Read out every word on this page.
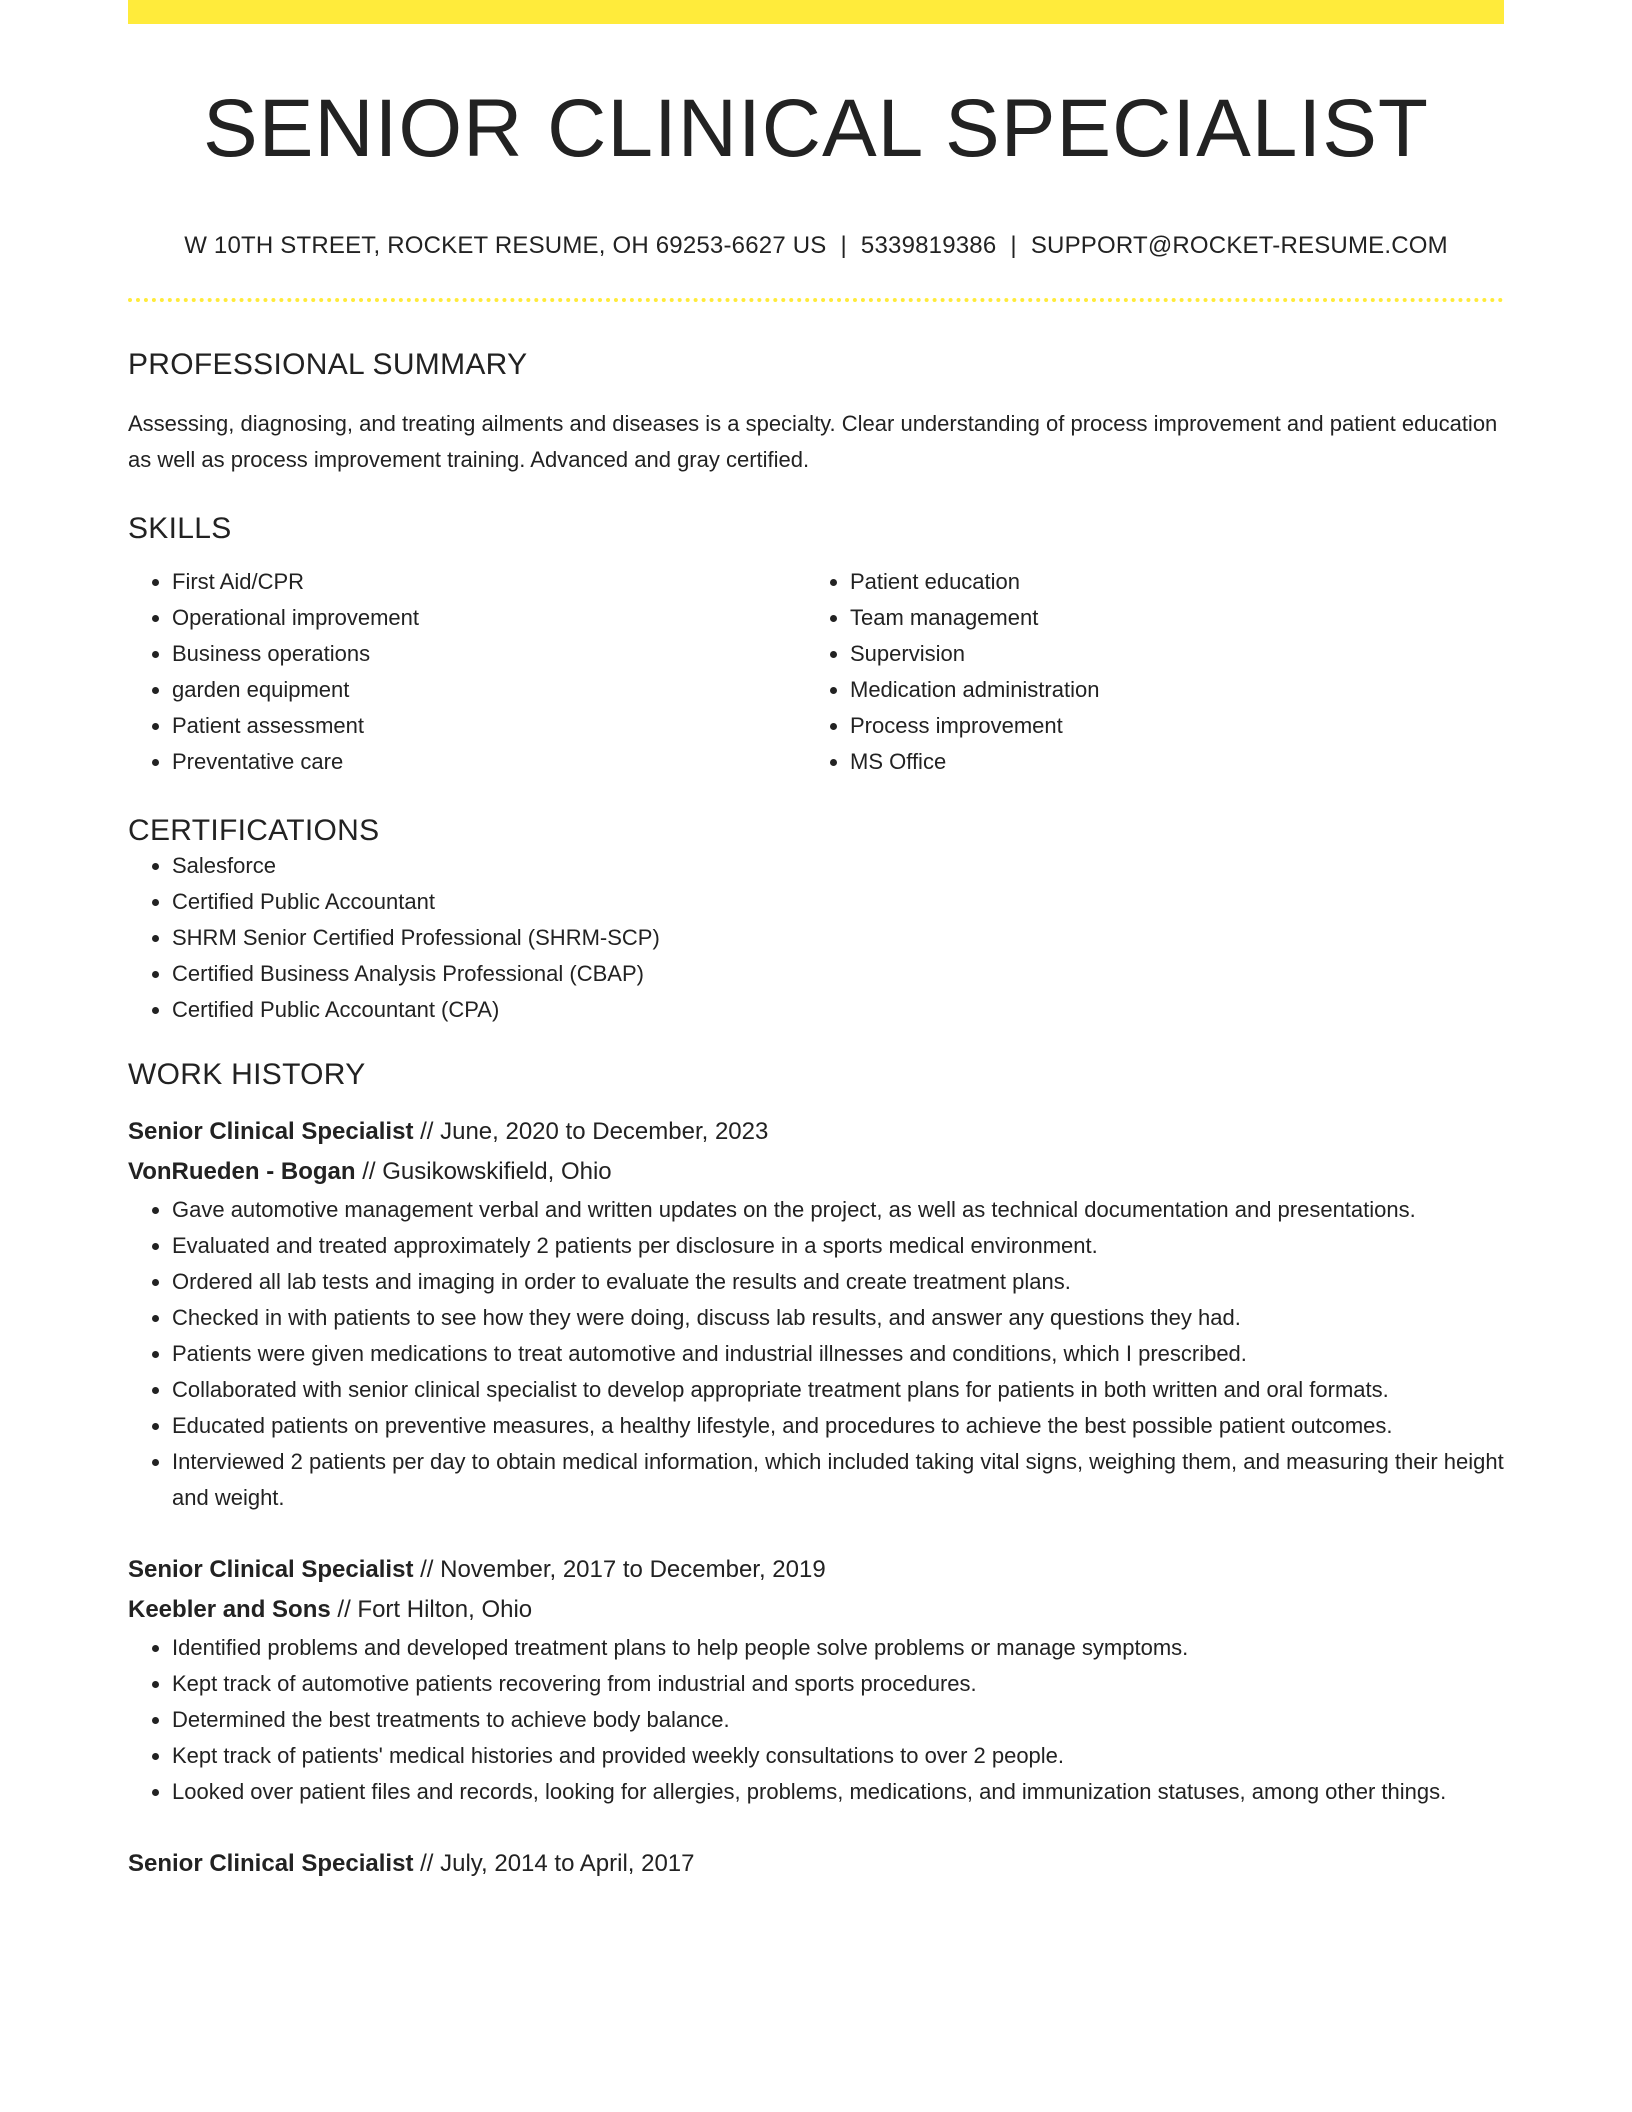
SENIOR CLINICAL SPECIALIST
W 10TH STREET, ROCKET RESUME, OH 69253-6627 US | 5339819386 | SUPPORT@ROCKET-RESUME.COM
PROFESSIONAL SUMMARY

Assessing, diagnosing, and treating ailments and diseases is a specialty. Clear understanding of process improvement and patient education as well as process improvement training. Advanced and gray certified.

SKILLS
• First Aid/CPR
• Operational improvement
• Business operations
• garden equipment
• Patient assessment
• Preventative care
• Patient education
• Team management
• Supervision
• Medication administration
• Process improvement
• MS Office
CERTIFICATIONS
• Salesforce
• Certified Public Accountant
• SHRM Senior Certified Professional (SHRM-SCP)
• Certified Business Analysis Professional (CBAP)
• Certified Public Accountant (CPA)
WORK HISTORY
Senior Clinical Specialist // June, 2020 to December, 2023
VonRueden - Bogan // Gusikowskifield, Ohio
• Gave automotive management verbal and written updates on the project, as well as technical documentation and presentations.
• Evaluated and treated approximately 2 patients per disclosure in a sports medical environment.
• Ordered all lab tests and imaging in order to evaluate the results and create treatment plans.
• Checked in with patients to see how they were doing, discuss lab results, and answer any questions they had.
• Patients were given medications to treat automotive and industrial illnesses and conditions, which I prescribed.
• Collaborated with senior clinical specialist to develop appropriate treatment plans for patients in both written and oral formats.
• Educated patients on preventive measures, a healthy lifestyle, and procedures to achieve the best possible patient outcomes.
• Interviewed 2 patients per day to obtain medical information, which included taking vital signs, weighing them, and measuring their height and weight.
Senior Clinical Specialist // November, 2017 to December, 2019
Keebler and Sons // Fort Hilton, Ohio
• Identified problems and developed treatment plans to help people solve problems or manage symptoms.
• Kept track of automotive patients recovering from industrial and sports procedures.
• Determined the best treatments to achieve body balance.
• Kept track of patients' medical histories and provided weekly consultations to over 2 people.
• Looked over patient files and records, looking for allergies, problems, medications, and immunization statuses, among other things.
Senior Clinical Specialist // July, 2014 to April, 2017
